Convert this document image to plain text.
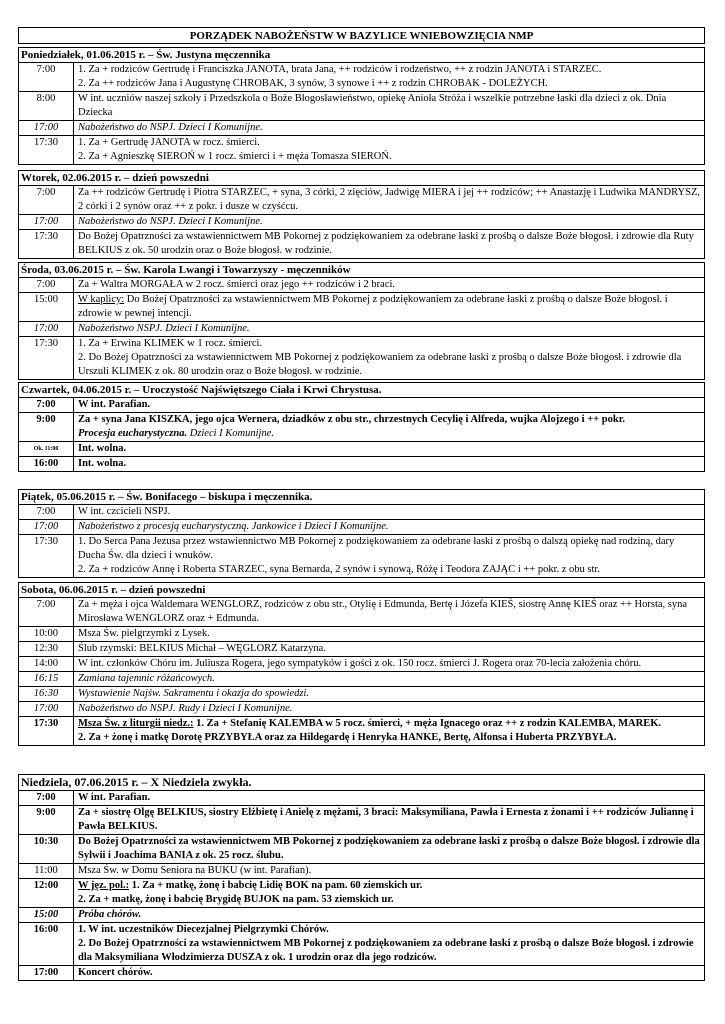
PORZĄDEK NABOŻEŃSTW W BAZYLICE WNIEBOWZIĘCIA NMP
Poniedziałek, 01.06.2015 r. – Św. Justyna męczennika
7:00	1. Za + rodziców Gertrudę i Franciszka JANOTA, brata Jana, ++ rodziców i rodzeństwo, ++ z rodzin JANOTA i STARZEC.

2. Za ++ rodziców Jana i Augustynę CHROBAK, 3 synów, 3 synowe i ++ z rodzin CHROBAK - DOLEŻYCH.

8:00	W int. uczniów naszej szkoły i Przedszkola o Boże Błogosławieństwo, opiekę Anioła Stróża i wszelkie potrzebne łaski dla dzieci z ok. Dnia Dziecka

17:00	Nabożeństwo do NSPJ. Dzieci I Komunijne.

17:30	1. Za + Gertrudę JANOTA w rocz. śmierci.

2. Za + Agnieszkę SIEROŃ w 1 rocz. śmierci i + męża Tomasza SIEROŃ.

Wtorek, 02.06.2015 r. – dzień powszedni
7:00	Za ++ rodziców Gertrudę i Piotra STARZEC, + syna, 3 córki, 2 zięciów, Jadwigę MIERA i jej ++ rodziców; ++ Anastazję i Ludwika MANDRYSZ, 2 córki i 2 synów oraz ++ z pokr. i dusze w czyśćcu.

17:00	Nabożeństwo do NSPJ. Dzieci I Komunijne.

17:30	Do Bożej Opatrzności za wstawiennictwem MB Pokornej z podziękowaniem za odebrane łaski z prośbą o dalsze Boże błogosł. i zdrowie dla Ruty BELKIUS z ok. 50 urodzin oraz o Boże błogosł. w rodzinie.

Środa, 03.06.2015 r. – Św. Karola Lwangi i Towarzyszy - męczenników
7:00	Za + Waltra MORGAŁA w 2 rocz. śmierci oraz jego ++ rodziców i 2 braci.

15:00	W kaplicy: Do Bożej Opatrzności za wstawiennictwem MB Pokornej z podziękowaniem za odebrane łaski z prośbą o dalsze Boże błogosł. i zdrowie w pewnej intencji.

17:00	Nabożeństwo NSPJ. Dzieci I Komunijne.

17:30	1. Za + Erwina KLIMEK w 1 rocz. śmierci.

2. Do Bożej Opatrzności za wstawiennictwem MB Pokornej z podziękowaniem za odebrane łaski z prośbą o dalsze Boże błogosł. i zdrowie dla Urszuli KLIMEK z ok. 80 urodzin oraz o Boże błogosł. w rodzinie.

Czwartek, 04.06.2015 r. – Uroczystość Najświętszego Ciała i Krwi Chrystusa.
7:00	W int. Parafian.

9:00	Za + syna Jana KISZKA, jego ojca Wernera, dziadków z obu str., chrzestnych Cecylię i Alfreda, wujka Alojzego i ++ pokr.

Procesja eucharystyczna. Dzieci I Komunijne.

Ok. 11:00	Int. wolna.

16:00	Int. wolna.

Piątek, 05.06.2015 r. – Św. Bonifacego – biskupa i męczennika.
7:00	W int. czcicieli NSPJ.

17:00	Nabożeństwo z procesją eucharystyczną. Jankowice i Dzieci I Komunijne.

17:30	1. Do Serca Pana Jezusa przez wstawiennictwo MB Pokornej z podziękowaniem za odebrane łaski z prośbą o dalszą opiekę nad rodziną, dary Ducha Św. dla dzieci i wnuków.

2. Za + rodziców Annę i Roberta STARZEC, syna Bernarda, 2 synów i synową, Różę i Teodora ZAJĄC i ++ pokr. z obu str.

Sobota, 06.06.2015 r. – dzień powszedni
7:00	Za + męża i ojca Waldemara WENGLORZ, rodziców z obu str., Otylię i Edmunda, Bertę i Józefa KIEŚ, siostrę Annę KIEŚ oraz ++ Horsta, syna Mirosława WENGLORZ oraz + Edmunda.

10:00	Msza Św. pielgrzymki z Lysek.

12:30	Ślub rzymski: BELKIUS Michał – WĘGLORZ Katarzyna.

14:00	W int. członków Chóru im. Juliusza Rogera, jego sympatyków i gości z ok. 150 rocz. śmierci J. Rogera oraz 70-lecia założenia chóru.

16:15	Zamiana tajemnic różańcowych.

16:30	Wystawienie Najśw. Sakramentu i okazja do spowiedzi.

17:00	Nabożeństwo do NSPJ. Rudy i Dzieci I Komunijne.

17:30	Msza Św. z liturgii niedz.: 1. Za + Stefanię KALEMBA w 5 rocz. śmierci, + męża Ignacego oraz ++ z rodzin KALEMBA, MAREK.

2. Za + żonę i matkę Dorotę PRZYBYŁA oraz za Hildegardę i Henryka HANKE, Bertę, Alfonsa i Huberta PRZYBYŁA.

Niedziela, 07.06.2015 r. – X Niedziela zwykła.
7:00	W int. Parafian.

9:00	Za + siostrę Olgę BELKIUS, siostry Elżbietę i Anielę z mężami, 3 braci: Maksymiliana, Pawła i Ernesta z żonami i ++ rodziców Juliannę i Pawła BELKIUS.

10:30	Do Bożej Opatrzności za wstawiennictwem MB Pokornej z podziękowaniem za odebrane łaski z prośbą o dalsze Boże błogosł. i zdrowie dla Sylwii i Joachima BANIA z ok. 25 rocz. ślubu.

11:00	Msza Św. w Domu Seniora na BUKU (w int. Parafian).

12:00	W jęz. pol.: 1. Za + matkę, żonę i babcię Lidię BOK na pam. 60 ziemskich ur.

2. Za + matkę, żonę i babcię Brygidę BUJOK na pam. 53 ziemskich ur.

15:00	Próba chórów.

16:00	1. W int. uczestników Diecezjalnej Pielgrzymki Chórów.

2. Do Bożej Opatrzności za wstawiennictwem MB Pokornej z podziękowaniem za odebrane łaski z prośbą o dalsze Boże błogosł. i zdrowie dla Maksymiliana Włodzimierza DUSZA z ok. 1 urodzin oraz dla jego rodziców.

17:00	Koncert chórów.
